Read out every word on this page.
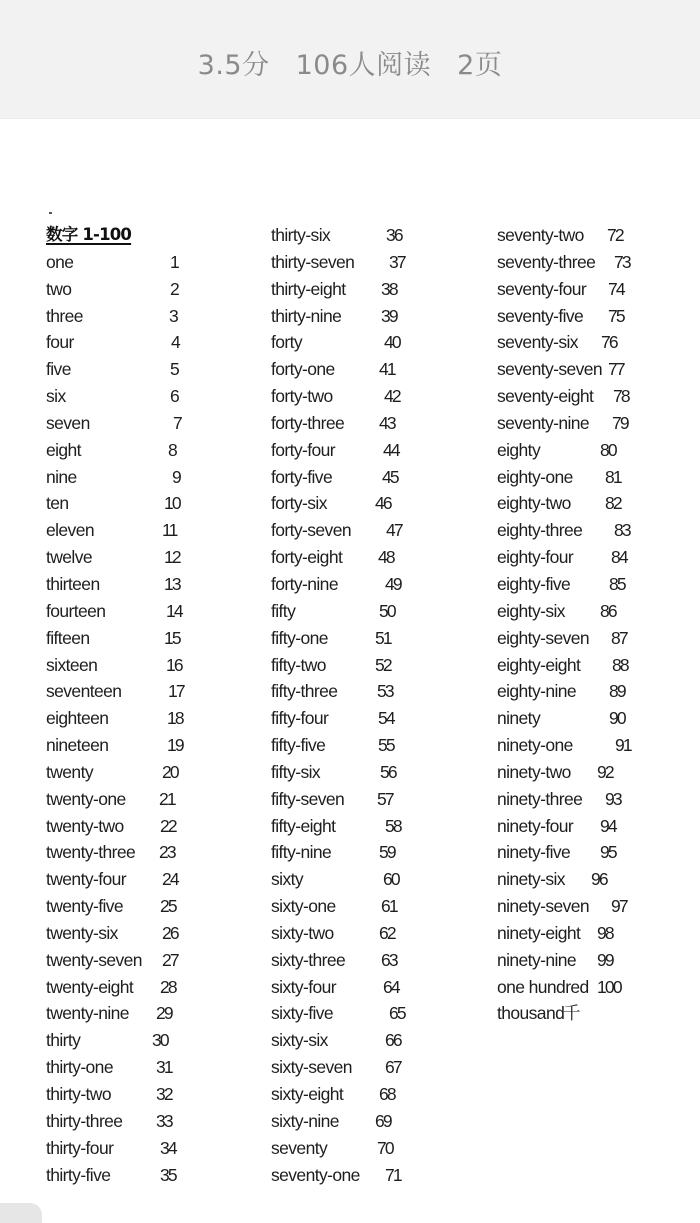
3.5分 106人阅读 2页
数字 1-100
one	1
two	2
three	3
four	4
five	5
six	6
seven	7
eight	8
nine	9
ten	10
eleven	11
twelve	12
thirteen	13
fourteen	14
fifteen	15
sixteen	16
seventeen	17
eighteen	18
nineteen	19
twenty	20
twenty-one 21
twenty-two 22
twenty-three 23
twenty-four 24
twenty-five 25
twenty-six	26
twenty-seven 27
twenty-eight 28
twenty-nine 29
thirty	30
thirty-one 31
thirty-two	32
thirty-three 33
thirty-four	34
thirty-five	35
thirty-six	36
thirty-seven 37
thirty-eight 38
thirty-nine 39
forty	40
forty-one	41
forty-two	42
forty-three 43
forty-four	44
forty-five	45
forty-six	46
forty-seven 47
forty-eight 48
forty-nine	49
fifty	50
fifty-one	51
fifty-two	52
fifty-three 53
fifty-four	54
fifty-five	55
fifty-six	56
fifty-seven 57
fifty-eight	58
fifty-nine	59
sixty	60
sixty-one	61
sixty-two	62
sixty-three 63
sixty-four	64
sixty-five	65
sixty-six	66
sixty-seven 67
sixty-eight 68
sixty-nine 69
seventy	70
seventy-one 71
seventy-two 72
seventy-three 73
seventy-four 74
seventy-five 75
seventy-six 76
seventy-seven 77
seventy-eight 78
seventy-nine 79
eighty	80
eighty-one 81
eighty-two 82
eighty-three 83
eighty-four 84
eighty-five 85
eighty-six 86
eighty-seven 87
eighty-eight 88
eighty-nine 89
ninety	90
ninety-one 91
ninety-two 92
ninety-three 93
ninety-four 94
ninety-five 95
ninety-six 96
ninety-seven 97
ninety-eight 98
ninety-nine 99
one hundred 100
thousand
千
